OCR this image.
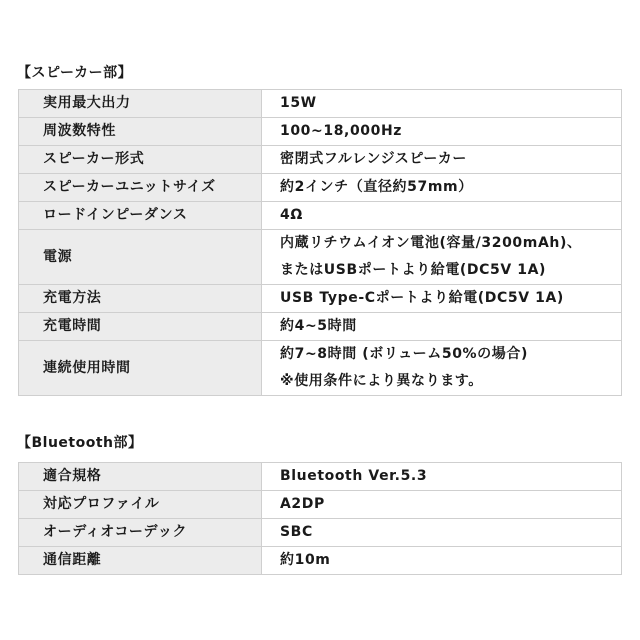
【スピーカー部】
実用最大出力	15W

周波数特性	100~18,000Hz

スピーカー形式	密閉式フルレンジスピーカー

スピーカーユニットサイズ	約2インチ（直径約57mm）

ロードインピーダンス	4Ω

電源	内蔵リチウムイオン電池(容量/3200mAh)、
またはUSBポートより給電(DC5V 1A)

充電方法	USB Type-Cポートより給電(DC5V 1A)

充電時間	約4~5時間

連続使用時間	約7~8時間 (ボリューム50%の場合)
※使用条件により異なります。
【Bluetooth部】
適合規格	Bluetooth Ver.5.3

対応プロファイル	A2DP

オーディオコーデック	SBC

通信距離	約10m
